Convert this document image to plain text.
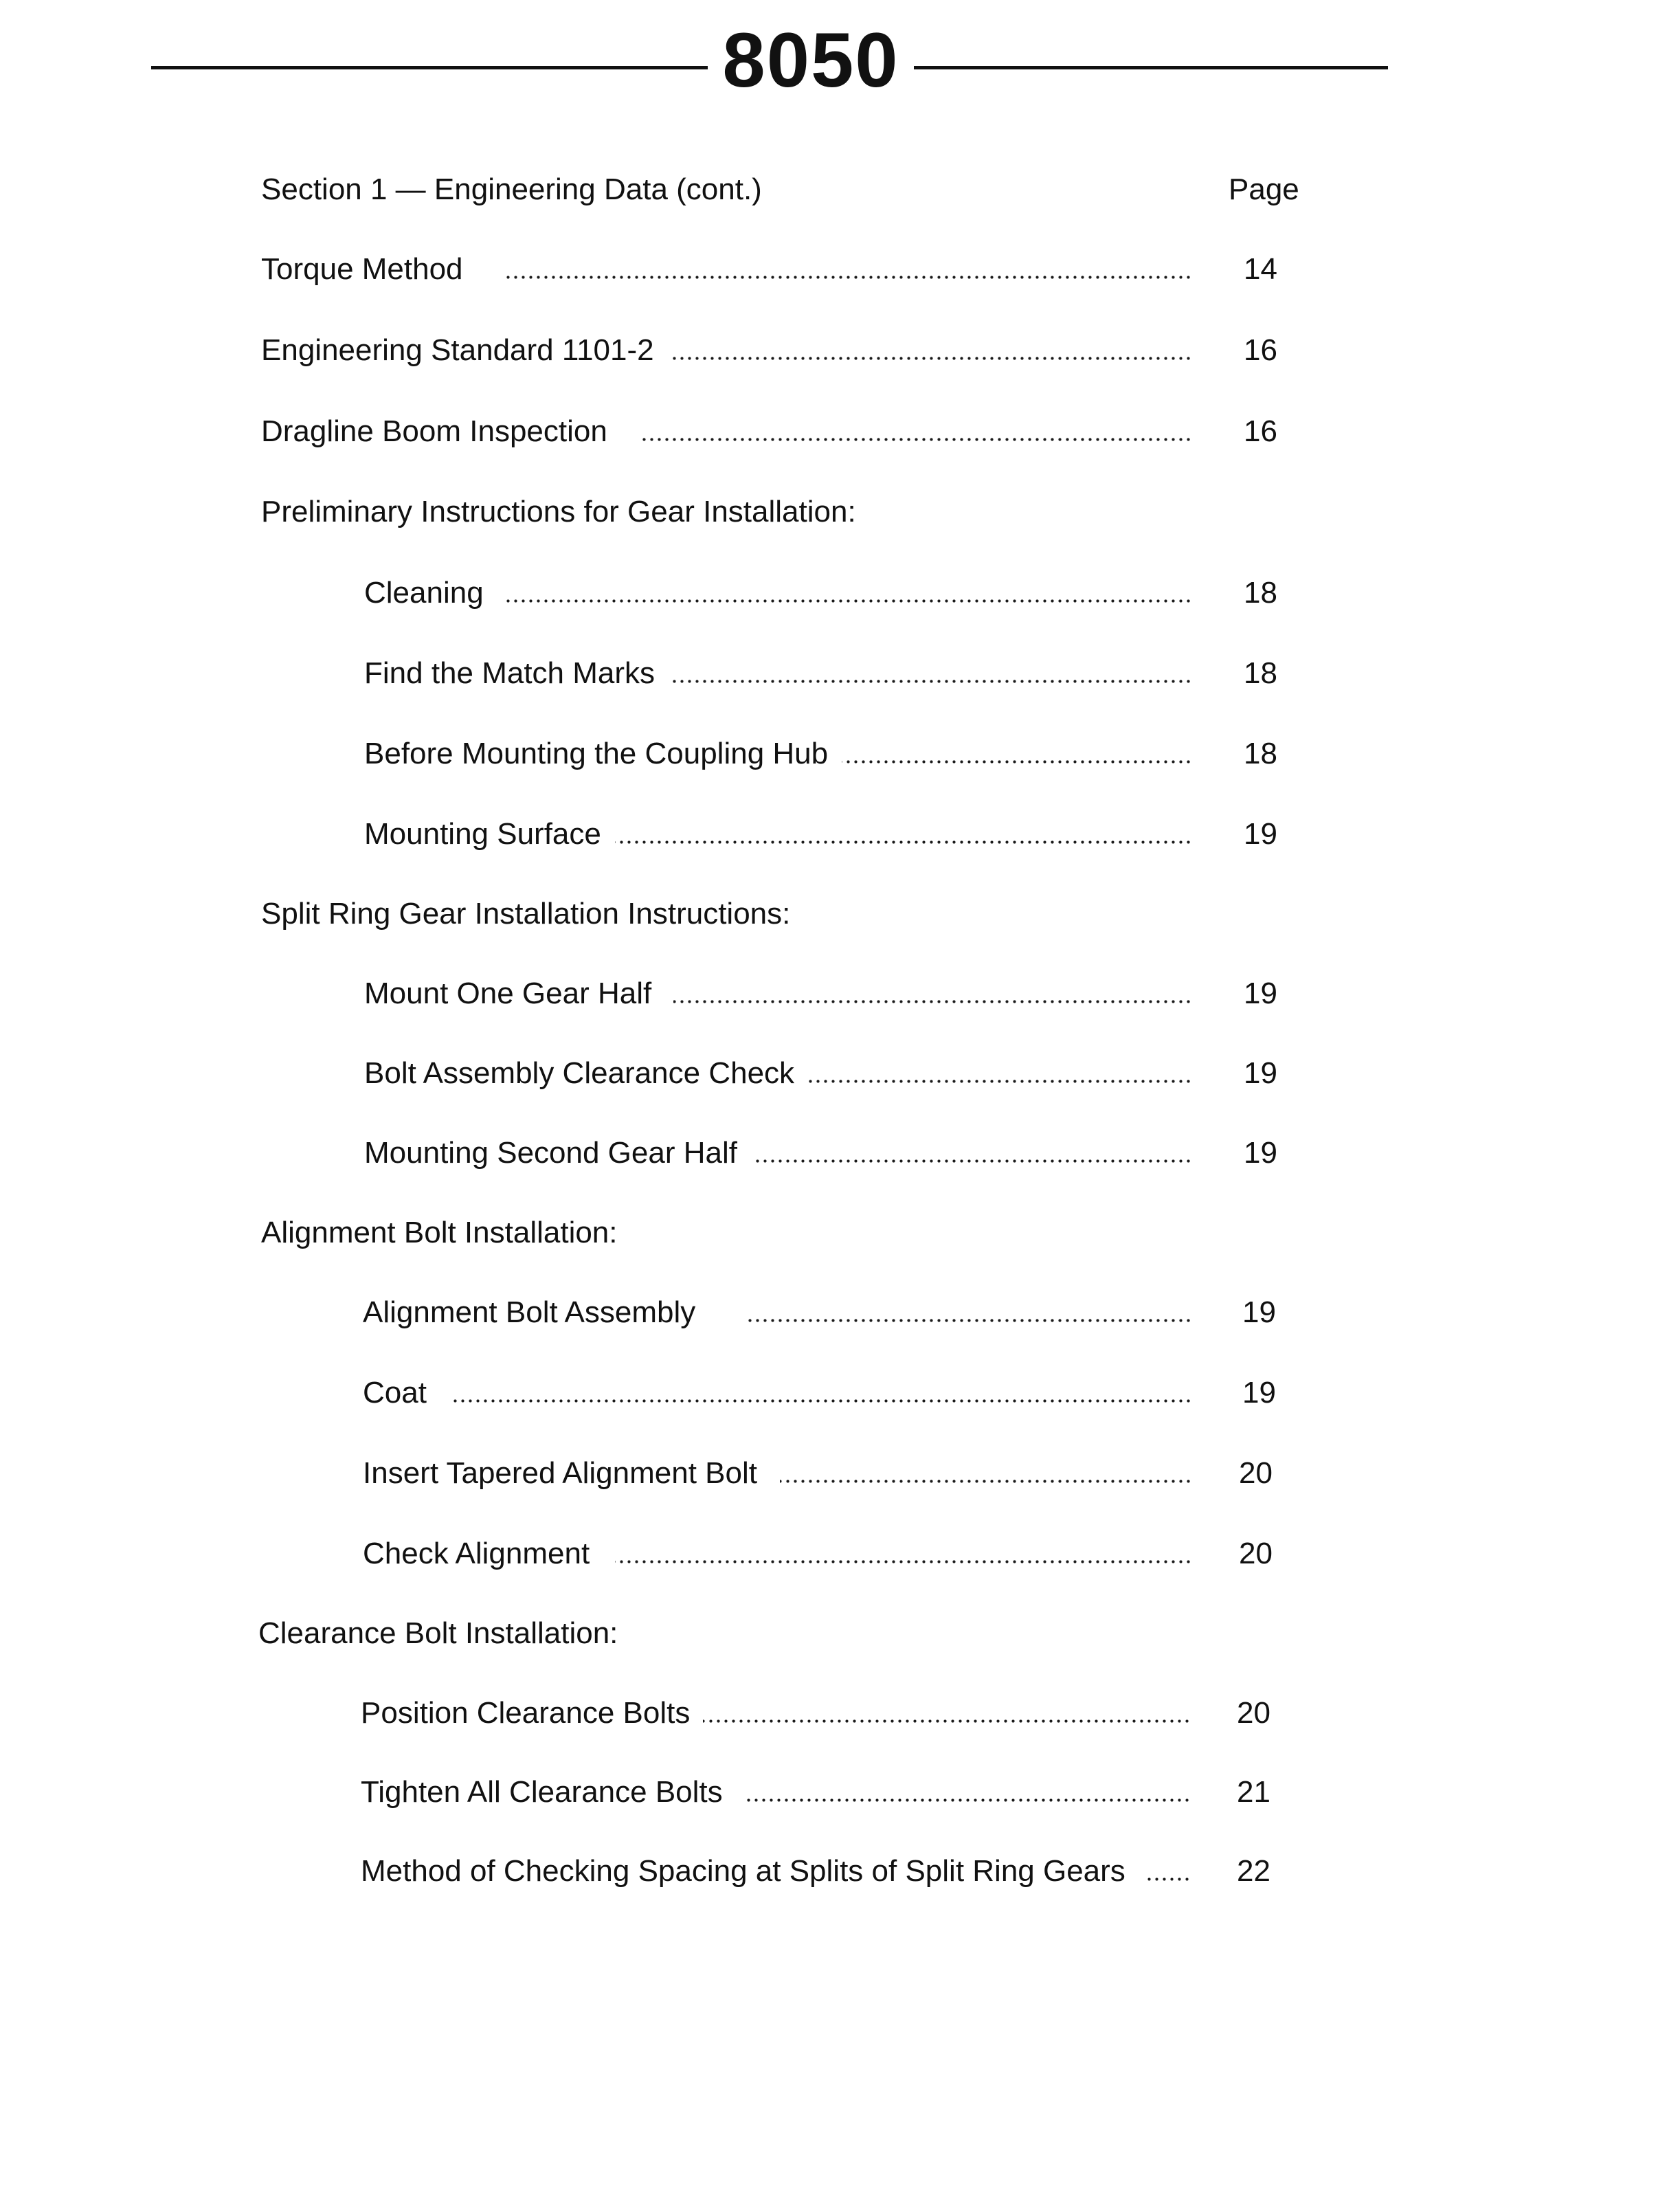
8050
Section 1 — Engineering Data (cont.)	Page
Torque Method	14
Engineering Standard 1101-2	16
Dragline Boom Inspection	16
Preliminary Instructions for Gear Installation:
Cleaning	18
Find the Match Marks	18
Before Mounting the Coupling Hub	18
Mounting Surface	19
Split Ring Gear Installation Instructions:
Mount One Gear Half	19
Bolt Assembly Clearance Check	19
Mounting Second Gear Half	19
Alignment Bolt Installation:
Alignment Bolt Assembly	19
Coat	19
Insert Tapered Alignment Bolt	20
Check Alignment	20
Clearance Bolt Installation:
Position Clearance Bolts	20
Tighten All Clearance Bolts	21
Method of Checking Spacing at Splits of Split Ring Gears	22
